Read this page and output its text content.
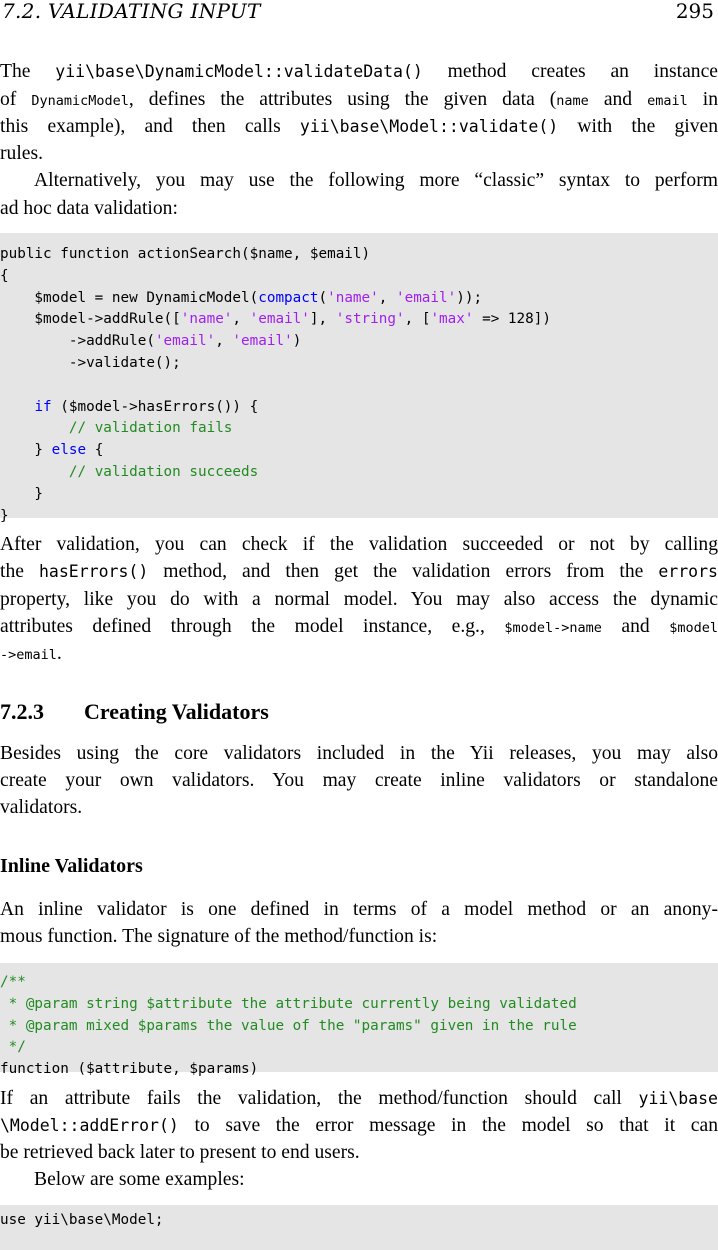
7.2. VALIDATING INPUT	295
The yii\base\DynamicModel::validateData() method creates an instance
of DynamicModel, defines the attributes using the given data (name and email in
this example), and then calls yii\base\Model::validate() with the given
rules.
Alternatively, you may use the following more “classic” syntax to perform
ad hoc data validation:
public function actionSearch($name, $email)
{
$model = new DynamicModel(compact('name', 'email'));
$model->addRule(['name', 'email'], 'string', ['max' => 128])
->addRule('email', 'email')
->validate();
if ($model->hasErrors()) {
// validation fails
} else {
// validation succeeds
}
}
After validation, you can check if the validation succeeded or not by calling
the hasErrors() method, and then get the validation errors from the errors
property, like you do with a normal model. You may also access the dynamic
attributes defined through the model instance, e.g., $model->name and $model
->email.
7.2.3 Creating Validators
Besides using the core validators included in the Yii releases, you may also
create your own validators. You may create inline validators or standalone
validators.
Inline Validators
An inline validator is one defined in terms of a model method or an anony-
mous function. The signature of the method/function is:
/**
* @param string $attribute the attribute currently being validated
* @param mixed $params the value of the "params" given in the rule
*/
function ($attribute, $params)
If an attribute fails the validation, the method/function should call yii\base
\Model::addError() to save the error message in the model so that it can
be retrieved back later to present to end users.
Below are some examples:
use yii\base\Model;
